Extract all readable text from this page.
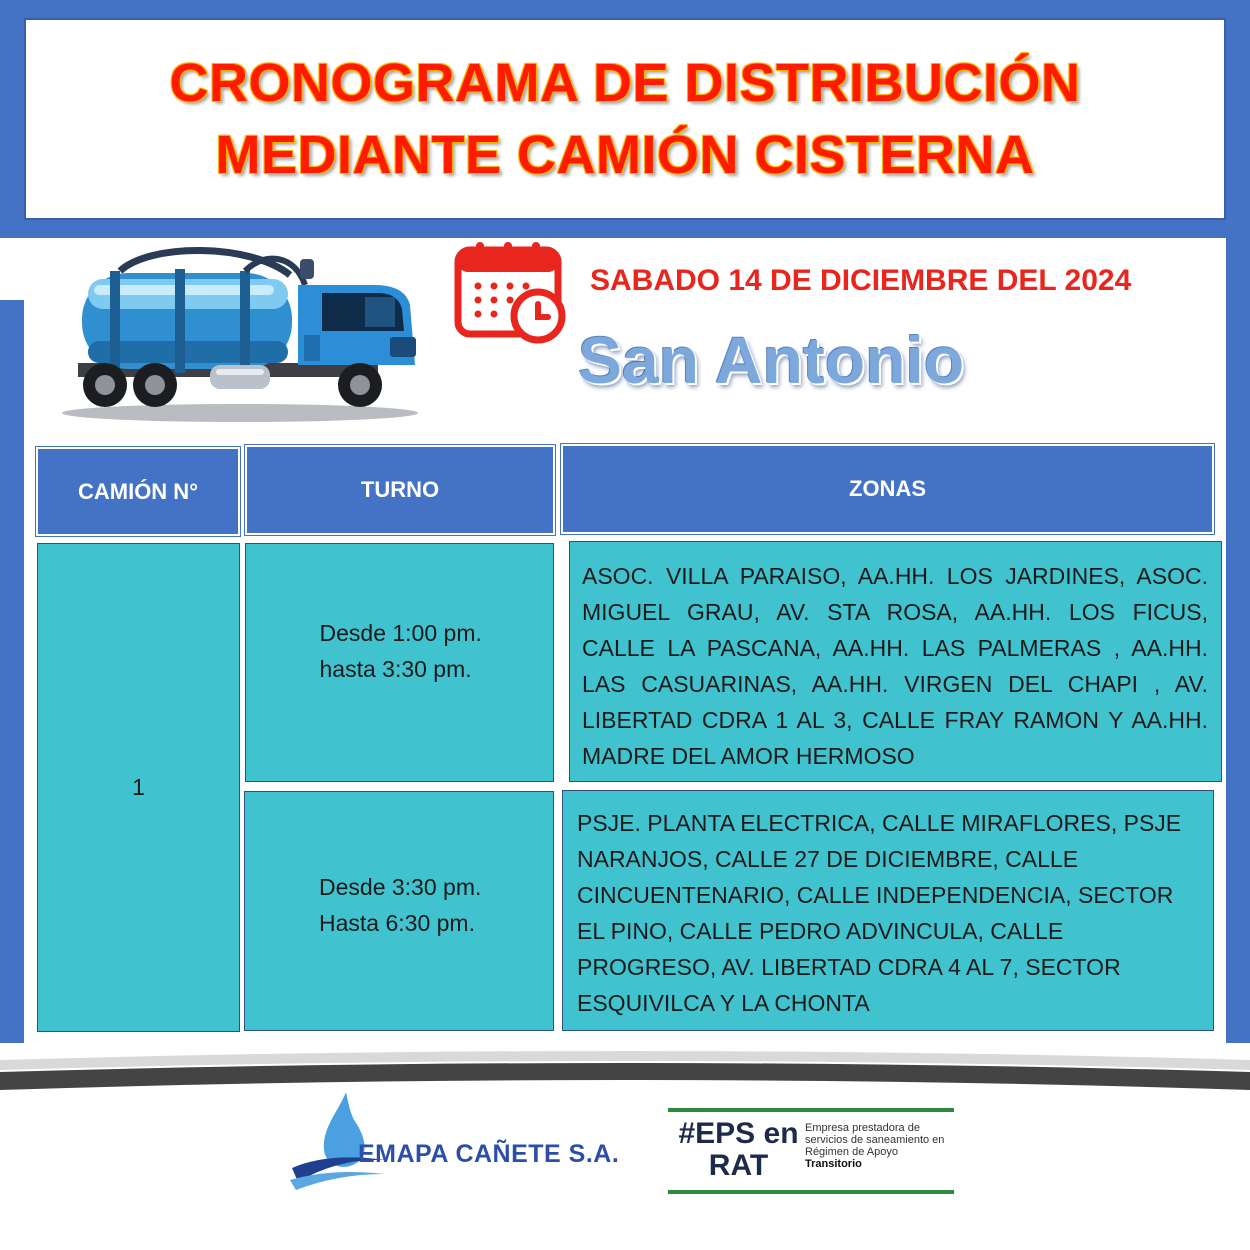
CRONOGRAMA DE DISTRIBUCIÓN
MEDIANTE CAMIÓN CISTERNA
SABADO 14 DE DICIEMBRE DEL 2024
San Antonio
CAMIÓN N°	TURNO	ZONAS
1
Desde 1:00 pm.
hasta 3:30 pm.
ASOC. VILLA PARAISO, AA.HH. LOS JARDINES, ASOC. MIGUEL GRAU, AV. STA ROSA, AA.HH. LOS FICUS, CALLE LA PASCANA, AA.HH. LAS PALMERAS , AA.HH. LAS CASUARINAS, AA.HH. VIRGEN DEL CHAPI , AV. LIBERTAD CDRA 1 AL 3, CALLE FRAY RAMON Y AA.HH. MADRE DEL AMOR HERMOSO
Desde 3:30 pm.
Hasta 6:30 pm.
PSJE. PLANTA ELECTRICA, CALLE MIRAFLORES, PSJE NARANJOS, CALLE 27 DE DICIEMBRE, CALLE CINCUENTENARIO, CALLE INDEPENDENCIA, SECTOR EL PINO, CALLE PEDRO ADVINCULA, CALLE PROGRESO, AV. LIBERTAD CDRA 4 AL 7, SECTOR ESQUIVILCA Y LA CHONTA
EMAPA CAÑETE S.A.
#EPS en RAT
Empresa prestadora de servicios de saneamiento en Régimen de Apoyo
Transitorio
